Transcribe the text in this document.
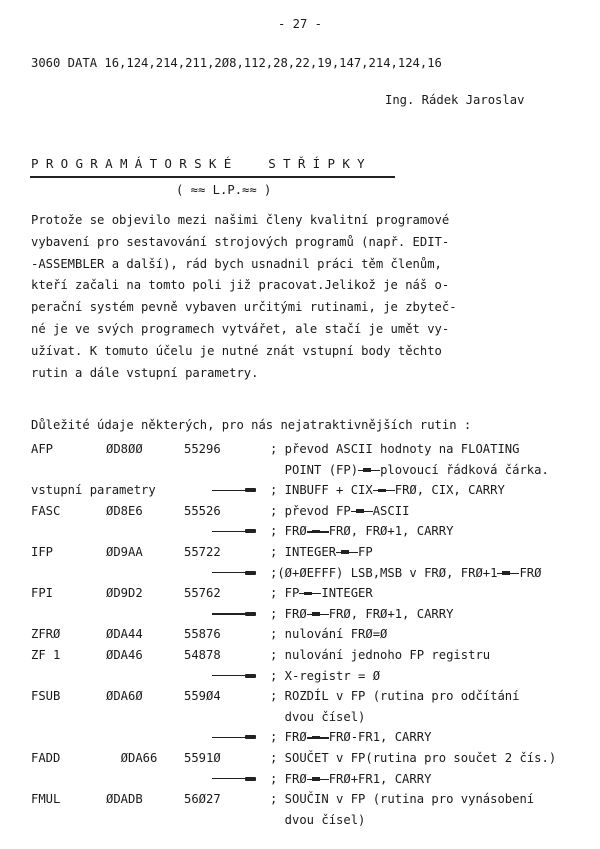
- 27 -
3060 DATA 16,124,214,211,2Ø8,112,28,22,19,147,214,124,16
Ing. Rádek Jaroslav
PROGRAMÁTORSKÉ  STŘÍPKY
( ≈≈ L.P.≈≈ )
Protože se objevilo mezi našimi členy kvalitní programové
vybavení pro sestavování strojových programů (např. EDIT-
-ASSEMBLER a další), rád bych usnadnil práci těm členům,
kteří začali na tomto poli již pracovat.Jelikož je náš o-
perační systém pevně vybaven určitými rutinami, je zbyteč-
né je ve svých programech vytvářet, ale stačí je umět vy-
užívat. K tomuto účelu je nutné znát vstupní body těchto
rutin a dále vstupní parametry.
Důležité údaje některých, pro nás nejatraktivnějších rutin :
AFP	ØD8ØØ	55296	; převod ASCII hodnoty na FLOATING
			POINT (FP) plovoucí řádková čárka.
vstupní parametry			; INBUFF + CIX FRØ, CIX, CARRY
FASC	ØD8E6	55526	; převod FP ASCII
			; FRØ FRØ, FRØ+1, CARRY
IFP	ØD9AA	55722	; INTEGER FP
			;(Ø+ØEFFF) LSB,MSB v FRØ, FRØ+1 FRØ
FPI	ØD9D2	55762	; FP INTEGER
			; FRØ FRØ, FRØ+1, CARRY
ZFRØ	ØDA44	55876	; nulování FRØ=Ø
ZF 1	ØDA46	54878	; nulování jednoho FP registru
			; X-registr = Ø
FSUB	ØDA6Ø	559Ø4	; ROZDÍL v FP (rutina pro odčítání
			dvou čísel)
			; FRØ FRØ-FR1, CARRY
FADD	ØDA66	5591Ø	; SOUČET v FP(rutina pro součet 2 čís.)
			; FRØ FRØ+FR1, CARRY
FMUL	ØDADB	56Ø27	; SOUČIN v FP (rutina pro vynásobení
			dvou čísel)
